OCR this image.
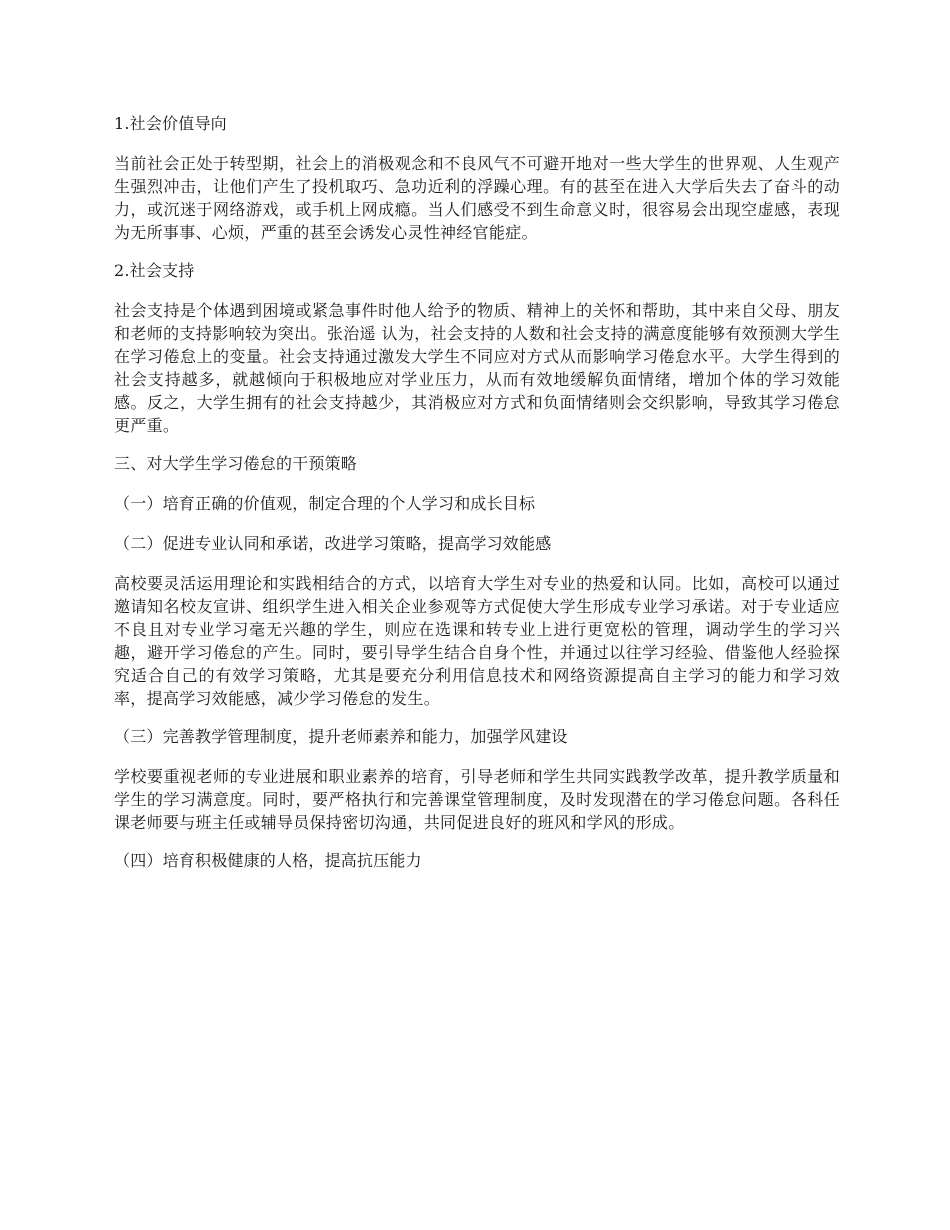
1.社会价值导向

当前社会正处于转型期，社会上的消极观念和不良风气不可避开地对一些大学生的世界观、人生观产生强烈冲击，让他们产生了投机取巧、急功近利的浮躁心理。有的甚至在进入大学后失去了奋斗的动力，或沉迷于网络游戏，或手机上网成瘾。当人们感受不到生命意义时，很容易会出现空虚感，表现为无所事事、心烦，严重的甚至会诱发心灵性神经官能症。

2.社会支持

社会支持是个体遇到困境或紧急事件时他人给予的物质、精神上的关怀和帮助，其中来自父母、朋友和老师的支持影响较为突出。张治遥 认为，社会支持的人数和社会支持的满意度能够有效预测大学生在学习倦怠上的变量。社会支持通过激发大学生不同应对方式从而影响学习倦怠水平。大学生得到的社会支持越多，就越倾向于积极地应对学业压力，从而有效地缓解负面情绪，增加个体的学习效能感。反之，大学生拥有的社会支持越少，其消极应对方式和负面情绪则会交织影响，导致其学习倦怠更严重。

三、对大学生学习倦怠的干预策略

（一）培育正确的价值观，制定合理的个人学习和成长目标

（二）促进专业认同和承诺，改进学习策略，提高学习效能感

高校要灵活运用理论和实践相结合的方式，以培育大学生对专业的热爱和认同。比如，高校可以通过邀请知名校友宣讲、组织学生进入相关企业参观等方式促使大学生形成专业学习承诺。对于专业适应不良且对专业学习毫无兴趣的学生，则应在选课和转专业上进行更宽松的管理，调动学生的学习兴趣，避开学习倦怠的产生。同时，要引导学生结合自身个性，并通过以往学习经验、借鉴他人经验探究适合自己的有效学习策略，尤其是要充分利用信息技术和网络资源提高自主学习的能力和学习效率，提高学习效能感，减少学习倦怠的发生。

（三）完善教学管理制度，提升老师素养和能力，加强学风建设

学校要重视老师的专业进展和职业素养的培育，引导老师和学生共同实践教学改革，提升教学质量和学生的学习满意度。同时，要严格执行和完善课堂管理制度，及时发现潜在的学习倦怠问题。各科任课老师要与班主任或辅导员保持密切沟通，共同促进良好的班风和学风的形成。

（四）培育积极健康的人格，提高抗压能力
